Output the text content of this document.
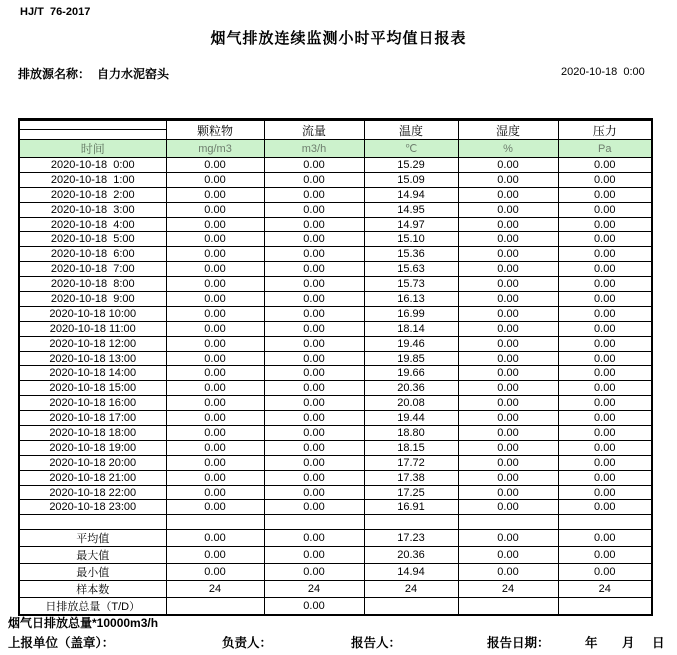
HJ/T  76-2017
烟气排放连续监测小时平均值日报表
排放源名称： 自力水泥窑头	2020-10-18  0:00
	颗粒物	流量	温度	湿度	压力

时间	mg/m3	m3/h	℃	%	Pa
2020-10-18  0:00	0.00	0.00	15.29	0.00	0.00
2020-10-18  1:00	0.00	0.00	15.09	0.00	0.00
2020-10-18  2:00	0.00	0.00	14.94	0.00	0.00
2020-10-18  3:00	0.00	0.00	14.95	0.00	0.00
2020-10-18  4:00	0.00	0.00	14.97	0.00	0.00
2020-10-18  5:00	0.00	0.00	15.10	0.00	0.00
2020-10-18  6:00	0.00	0.00	15.36	0.00	0.00
2020-10-18  7:00	0.00	0.00	15.63	0.00	0.00
2020-10-18  8:00	0.00	0.00	15.73	0.00	0.00
2020-10-18  9:00	0.00	0.00	16.13	0.00	0.00
2020-10-18 10:00	0.00	0.00	16.99	0.00	0.00
2020-10-18 11:00	0.00	0.00	18.14	0.00	0.00
2020-10-18 12:00	0.00	0.00	19.46	0.00	0.00
2020-10-18 13:00	0.00	0.00	19.85	0.00	0.00
2020-10-18 14:00	0.00	0.00	19.66	0.00	0.00
2020-10-18 15:00	0.00	0.00	20.36	0.00	0.00
2020-10-18 16:00	0.00	0.00	20.08	0.00	0.00
2020-10-18 17:00	0.00	0.00	19.44	0.00	0.00
2020-10-18 18:00	0.00	0.00	18.80	0.00	0.00
2020-10-18 19:00	0.00	0.00	18.15	0.00	0.00
2020-10-18 20:00	0.00	0.00	17.72	0.00	0.00
2020-10-18 21:00	0.00	0.00	17.38	0.00	0.00
2020-10-18 22:00	0.00	0.00	17.25	0.00	0.00
2020-10-18 23:00	0.00	0.00	16.91	0.00	0.00

平均值	0.00	0.00	17.23	0.00	0.00
最大值	0.00	0.00	20.36	0.00	0.00
最小值	0.00	0.00	14.94	0.00	0.00
样本数	24	24	24	24	24
日排放总量（T/D）		0.00			
烟气日排放总量*10000m3/h
上报单位（盖章）：	负责人：	报告人：	报告日期：	年 月 日
